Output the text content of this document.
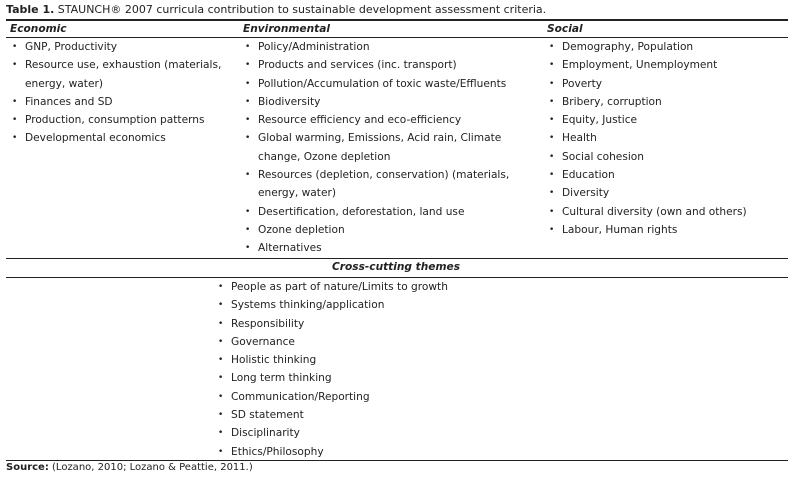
Table 1. STAUNCH® 2007 curricula contribution to sustainable development assessment criteria.
Economic	Environmental	Social
• GNP, Productivity
• Resource use, exhaustion (materials, energy, water)
• Finances and SD
• Production, consumption patterns
• Developmental economics
• Policy/Administration
• Products and services (inc. transport)
• Pollution/Accumulation of toxic waste/Effluents
• Biodiversity
• Resource efficiency and eco-efficiency
• Global warming, Emissions, Acid rain, Climate change, Ozone depletion
• Resources (depletion, conservation) (materials, energy, water)
• Desertification, deforestation, land use
• Ozone depletion
• Alternatives
• Demography, Population
• Employment, Unemployment
• Poverty
• Bribery, corruption
• Equity, Justice
• Health
• Social cohesion
• Education
• Diversity
• Cultural diversity (own and others)
• Labour, Human rights
Cross-cutting themes
• People as part of nature/Limits to growth
• Systems thinking/application
• Responsibility
• Governance
• Holistic thinking
• Long term thinking
• Communication/Reporting
• SD statement
• Disciplinarity
• Ethics/Philosophy
Source: (Lozano, 2010; Lozano & Peattie, 2011.)
